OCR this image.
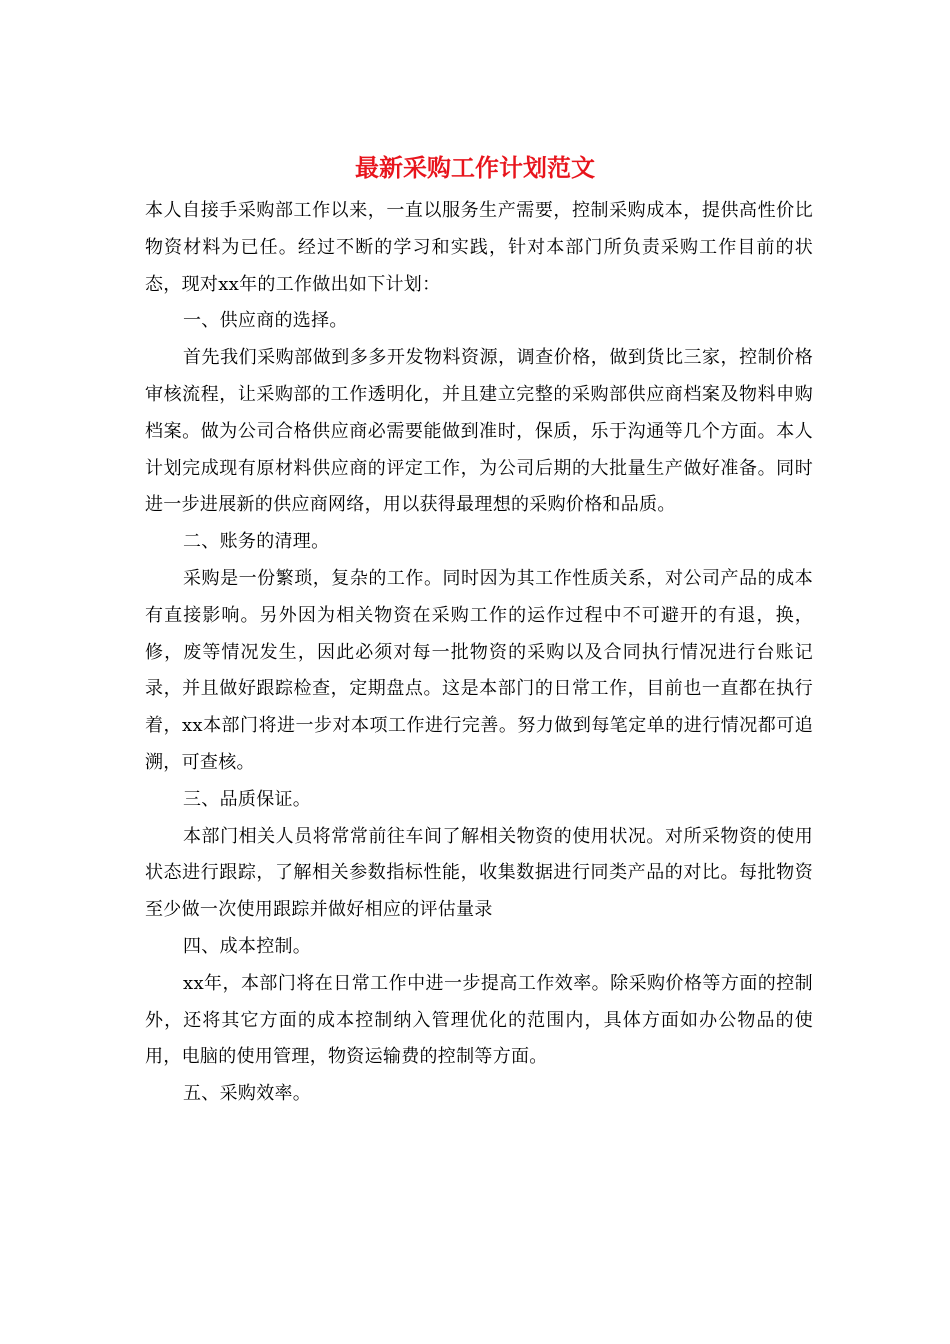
最新采购工作计划范文

本人自接手采购部工作以来，一直以服务生产需要，控制采购成本，提供高性价比物资材料为已任。经过不断的学习和实践，针对本部门所负责采购工作目前的状态，现对xx年的工作做出如下计划：

一、供应商的选择。

首先我们采购部做到多多开发物料资源，调查价格，做到货比三家，控制价格审核流程，让采购部的工作透明化，并且建立完整的采购部供应商档案及物料申购档案。做为公司合格供应商必需要能做到准时，保质，乐于沟通等几个方面。本人计划完成现有原材料供应商的评定工作，为公司后期的大批量生产做好准备。同时进一步进展新的供应商网络，用以获得最理想的采购价格和品质。

二、账务的清理。

采购是一份繁琐，复杂的工作。同时因为其工作性质关系，对公司产品的成本有直接影响。另外因为相关物资在采购工作的运作过程中不可避开的有退，换，修，废等情况发生，因此必须对每一批物资的采购以及合同执行情况进行台账记录，并且做好跟踪检查，定期盘点。这是本部门的日常工作，目前也一直都在执行着，xx本部门将进一步对本项工作进行完善。努力做到每笔定单的进行情况都可追溯，可查核。

三、品质保证。

本部门相关人员将常常前往车间了解相关物资的使用状况。对所采物资的使用状态进行跟踪，了解相关参数指标性能，收集数据进行同类产品的对比。每批物资至少做一次使用跟踪并做好相应的评估量录

四、成本控制。

xx年，本部门将在日常工作中进一步提高工作效率。除采购价格等方面的控制外，还将其它方面的成本控制纳入管理优化的范围内，具体方面如办公物品的使用，电脑的使用管理，物资运输费的控制等方面。

五、采购效率。
